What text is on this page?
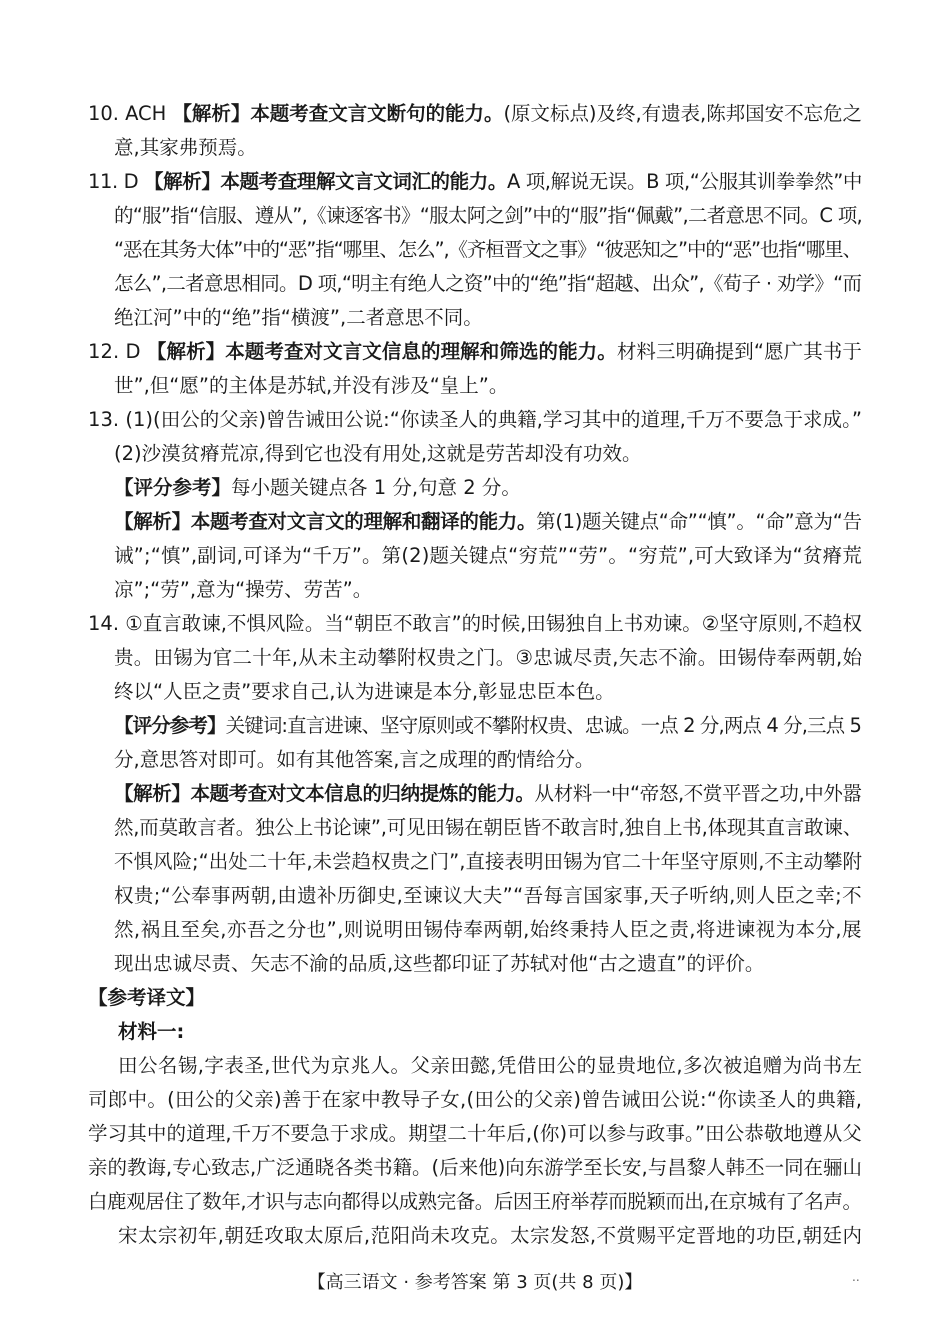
10. ACH 【解析】本题考查文言文断句的能力。(原文标点)及终,有遗表,陈邦国安不忘危之
意,其家弗预焉。
11. D 【解析】本题考查理解文言文词汇的能力。A 项,解说无误。B 项,“公服其训拳拳然”中
的“服”指“信服、遵从”,《谏逐客书》“服太阿之剑”中的“服”指“佩戴”,二者意思不同。C 项,
“恶在其务大体”中的“恶”指“哪里、怎么”,《齐桓晋文之事》“彼恶知之”中的“恶”也指“哪里、
怎么”,二者意思相同。D 项,“明主有绝人之资”中的“绝”指“超越、出众”,《荀子 · 劝学》“而
绝江河”中的“绝”指“横渡”,二者意思不同。
12. D 【解析】本题考查对文言文信息的理解和筛选的能力。材料三明确提到“愿广其书于
世”,但“愿”的主体是苏轼,并没有涉及“皇上”。
13. (1)(田公的父亲)曾告诫田公说:“你读圣人的典籍,学习其中的道理,千万不要急于求成。”
(2)沙漠贫瘠荒凉,得到它也没有用处,这就是劳苦却没有功效。
【评分参考】每小题关键点各 1 分,句意 2 分。
【解析】本题考查对文言文的理解和翻译的能力。第(1)题关键点“命”“慎”。“命”意为“告
诫”;“慎”,副词,可译为“千万”。第(2)题关键点“穷荒”“劳”。“穷荒”,可大致译为“贫瘠荒
凉”;“劳”,意为“操劳、劳苦”。
14. ①直言敢谏,不惧风险。当“朝臣不敢言”的时候,田锡独自上书劝谏。②坚守原则,不趋权
贵。田锡为官二十年,从未主动攀附权贵之门。③忠诚尽责,矢志不渝。田锡侍奉两朝,始
终以“人臣之责”要求自己,认为进谏是本分,彰显忠臣本色。
【评分参考】关键词:直言进谏、坚守原则或不攀附权贵、忠诚。一点 2 分,两点 4 分,三点 5
分,意思答对即可。如有其他答案,言之成理的酌情给分。
【解析】本题考查对文本信息的归纳提炼的能力。从材料一中“帝怒,不赏平晋之功,中外嚣
然,而莫敢言者。独公上书论谏”,可见田锡在朝臣皆不敢言时,独自上书,体现其直言敢谏、
不惧风险;“出处二十年,未尝趋权贵之门”,直接表明田锡为官二十年坚守原则,不主动攀附
权贵;“公奉事两朝,由遗补历御史,至谏议大夫”“吾每言国家事,天子听纳,则人臣之幸;不
然,祸且至矣,亦吾之分也”,则说明田锡侍奉两朝,始终秉持人臣之责,将进谏视为本分,展
现出忠诚尽责、矢志不渝的品质,这些都印证了苏轼对他“古之遗直”的评价。
【参考译文】
材料一:
田公名锡,字表圣,世代为京兆人。父亲田懿,凭借田公的显贵地位,多次被追赠为尚书左
司郎中。(田公的父亲)善于在家中教导子女,(田公的父亲)曾告诫田公说:“你读圣人的典籍,
学习其中的道理,千万不要急于求成。期望二十年后,(你)可以参与政事。”田公恭敬地遵从父
亲的教诲,专心致志,广泛通晓各类书籍。(后来他)向东游学至长安,与昌黎人韩丕一同在骊山
白鹿观居住了数年,才识与志向都得以成熟完备。后因王府举荐而脱颖而出,在京城有了名声。
宋太宗初年,朝廷攻取太原后,范阳尚未攻克。太宗发怒,不赏赐平定晋地的功臣,朝廷内
【高三语文 · 参考答案 第 3 页(共 8 页)】	..
